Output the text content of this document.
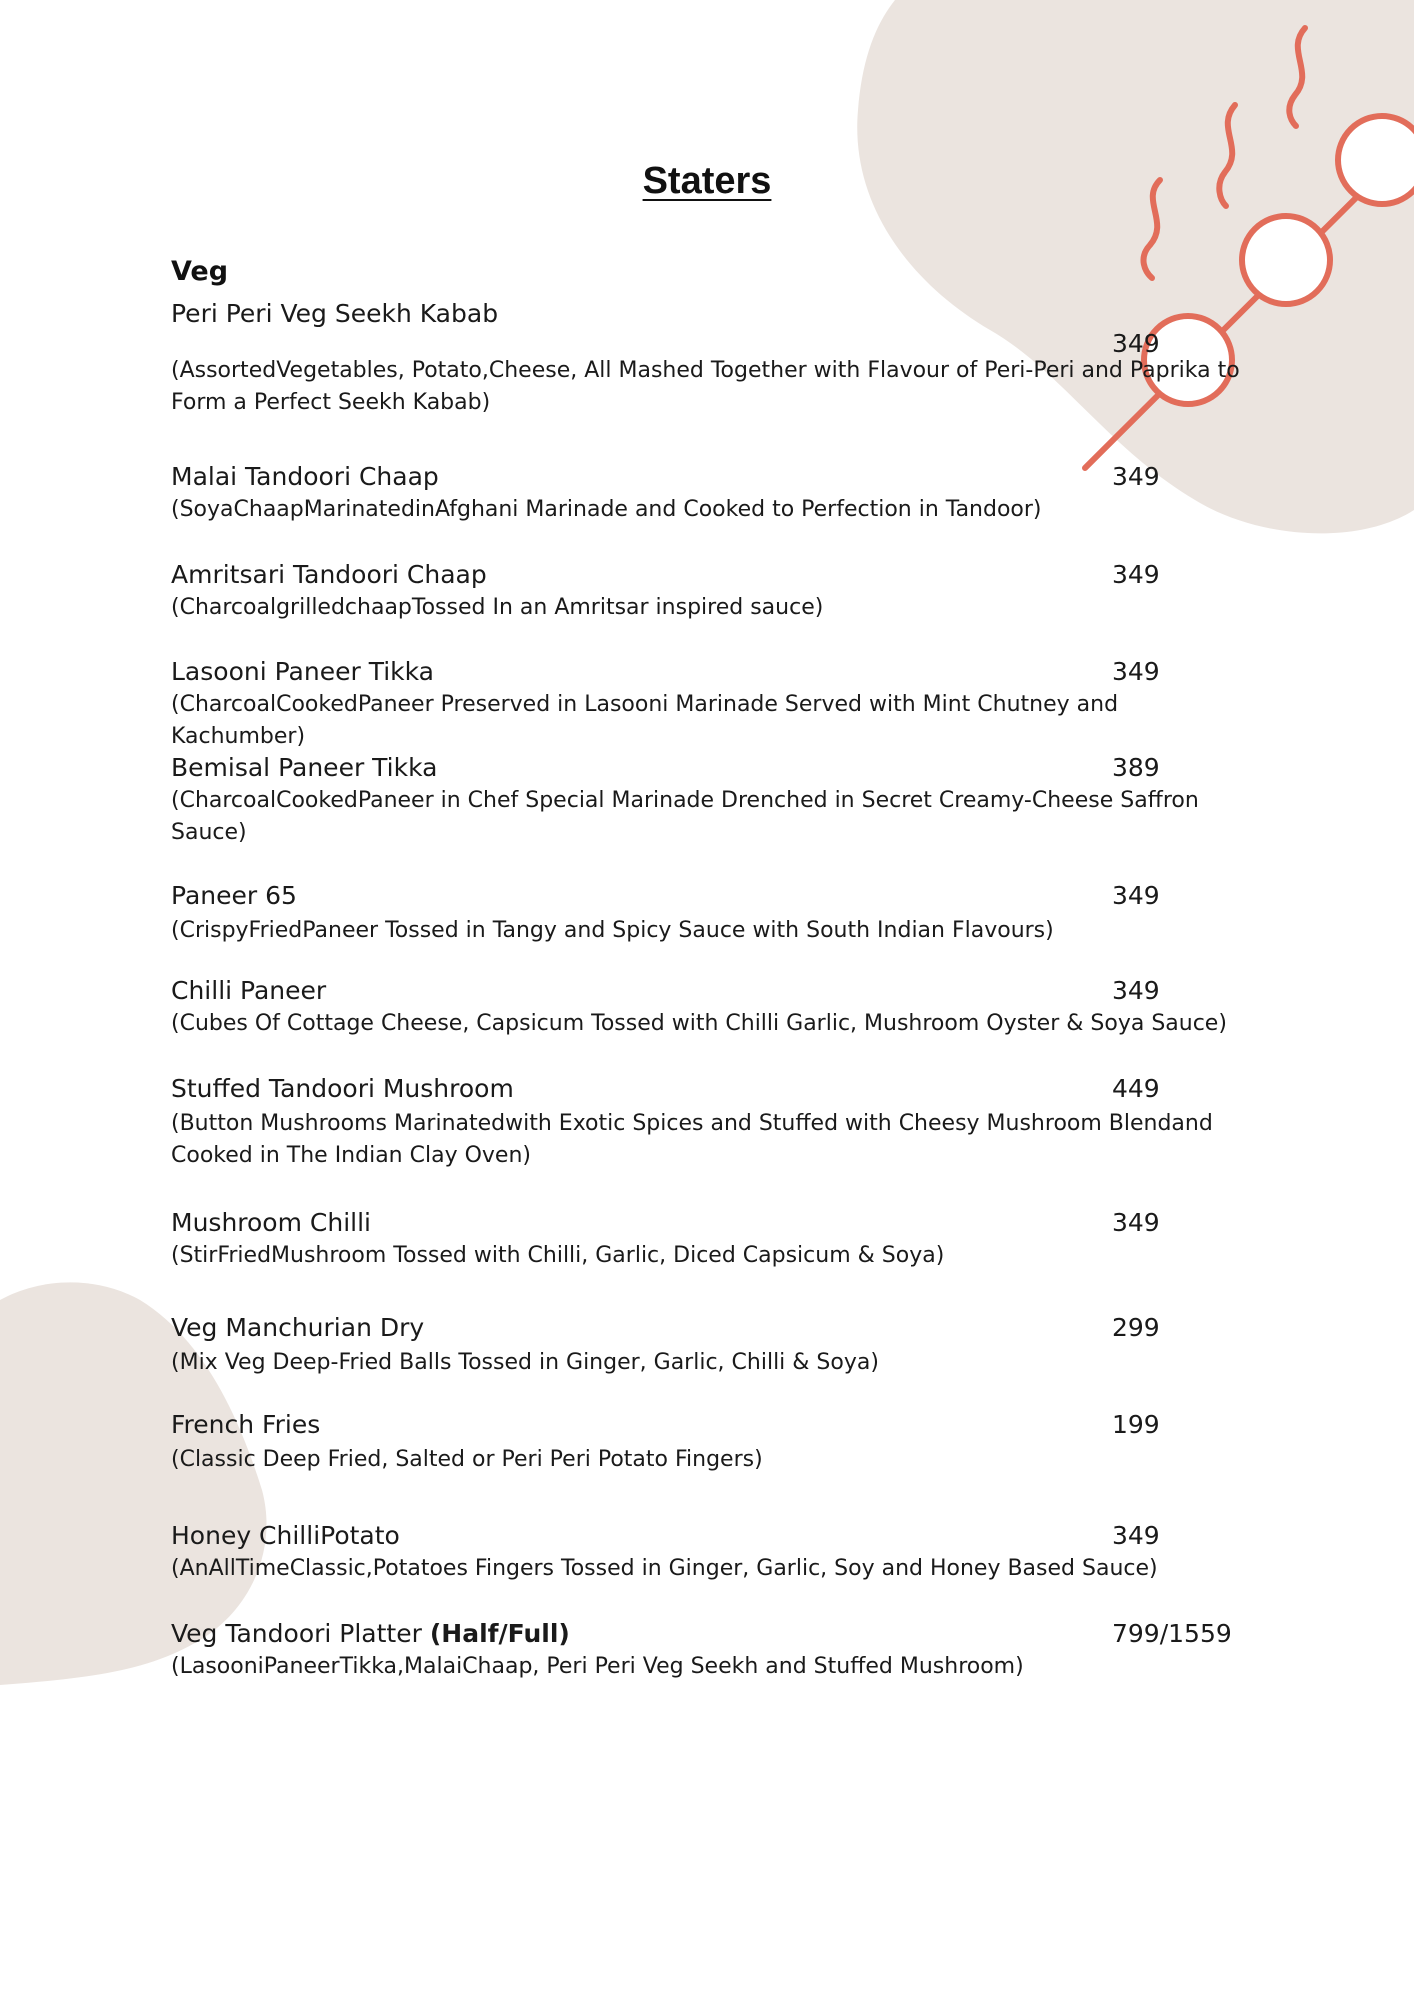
Staters
Veg
Peri Peri Veg Seekh Kabab
(AssortedVegetables, Potato,Cheese, All Mashed Together with Flavour of Peri-Peri and Paprika to Form a Perfect Seekh Kabab)
349
Malai Tandoori Chaap
(SoyaChaapMarinatedinAfghani Marinade and Cooked to Perfection in Tandoor)
349
Amritsari Tandoori Chaap
(CharcoalgrilledchaapTossed In an Amritsar inspired sauce)
349
Lasooni Paneer Tikka
(CharcoalCookedPaneer Preserved in Lasooni Marinade Served with Mint Chutney and Kachumber)
349
Bemisal Paneer Tikka
(CharcoalCookedPaneer in Chef Special Marinade Drenched in Secret Creamy-Cheese Saffron Sauce)
389
Paneer 65
(CrispyFriedPaneer Tossed in Tangy and Spicy Sauce with South Indian Flavours)
349
Chilli Paneer
(Cubes Of Cottage Cheese, Capsicum Tossed with Chilli Garlic, Mushroom Oyster & Soya Sauce)
349
Stuffed Tandoori Mushroom
(Button Mushrooms Marinatedwith Exotic Spices and Stuffed with Cheesy Mushroom Blendand Cooked in The Indian Clay Oven)
449
Mushroom Chilli
(StirFriedMushroom Tossed with Chilli, Garlic, Diced Capsicum & Soya)
349
Veg Manchurian Dry
(Mix Veg Deep-Fried Balls Tossed in Ginger, Garlic, Chilli & Soya)
299
French Fries
(Classic Deep Fried, Salted or Peri Peri Potato Fingers)
199
Honey ChilliPotato
(AnAllTimeClassic,Potatoes Fingers Tossed in Ginger, Garlic, Soy and Honey Based Sauce)
349
Veg Tandoori Platter (Half/Full)
(LasooniPaneerTikka,MalaiChaap, Peri Peri Veg Seekh and Stuffed Mushroom)
799/1559
